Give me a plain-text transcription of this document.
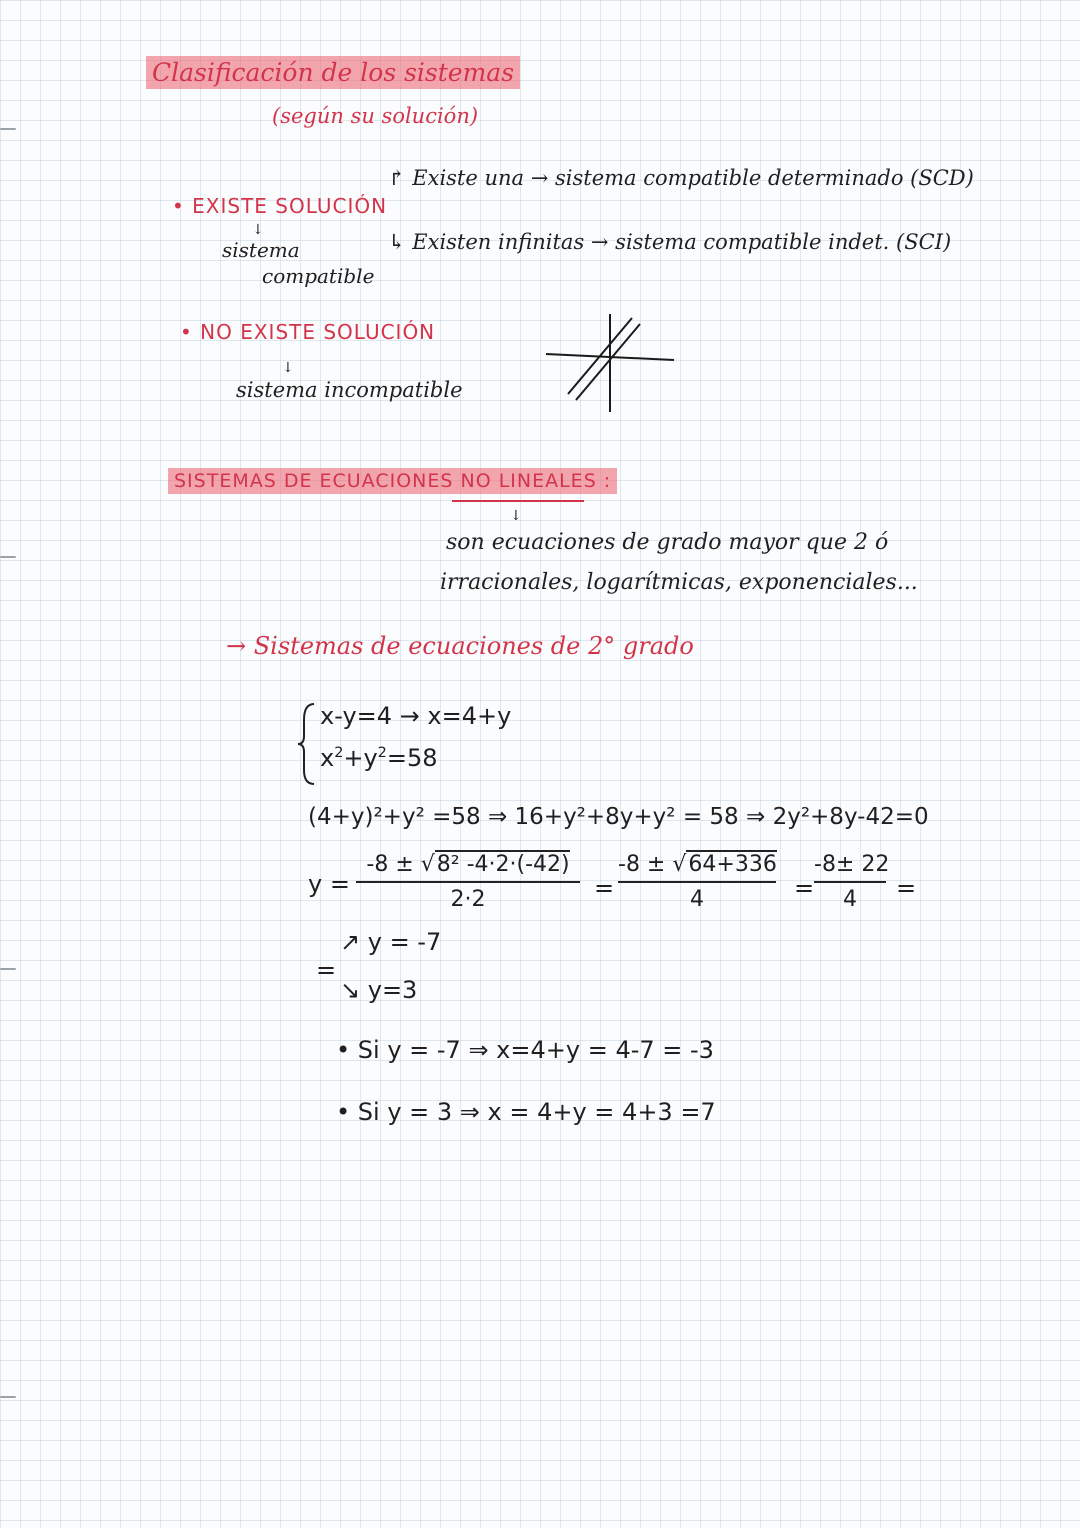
Clasificación de los sistemas
(según su solución)
• EXISTE SOLUCIÓN
↓
sistema
compatible
↱ Existe una → sistema compatible determinado (SCD)
↳ Existen infinitas → sistema compatible indet. (SCI)
• NO EXISTE SOLUCIÓN
↓
sistema incompatible
SISTEMAS DE ECUACIONES NO LINEALES :
↓
son ecuaciones de grado mayor que 2 ó
irracionales, logarítmicas, exponenciales...
→ Sistemas de ecuaciones de 2° grado
x-y=4 → x=4+y
$x^2+y^2=58$
(4+y)²+y² =58 ⇒ 16+y²+8y+y² = 58 ⇒ 2y²+8y-42=0
$y = \frac{\text{-8 ± √8² -4·2·(-42)}}{2\cdot 2} = \frac{-8 \pm √64+336}{4} = \frac{-8\pm 22}{4}$ =
=
↗ y = -7
↘ y=3
• Si y = -7 ⇒ x=4+y = 4-7 = -3
• Si y = 3 ⇒ x = 4+y = 4+3 =7
